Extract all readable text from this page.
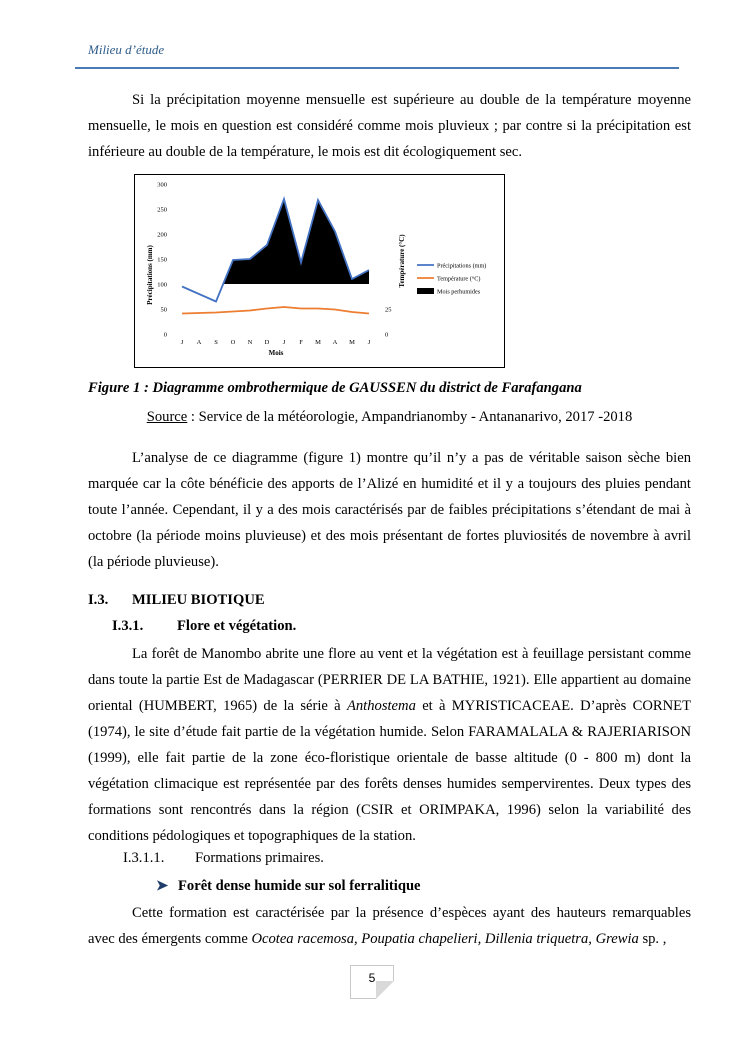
Milieu d’étude

Si la précipitation moyenne mensuelle est supérieure au double de la température moyenne mensuelle, le mois en question est considéré comme mois pluvieux ; par contre si la précipitation est inférieure au double de la température, le mois est dit écologiquement sec.

0
50
100
150
200
250
300
0
25
J A S O N D J F M A M J
Précipitations (mm)	Température (°C)
Mois
Précipitations (mm)
Température (°C)
Mois perhumides
Figure 1 : Diagramme ombrothermique de GAUSSEN du district de Farafangana
Source : Service de la météorologie, Ampandrianomby - Antananarivo, 2017 -2018

L’analyse de ce diagramme (figure 1) montre qu’il n’y a pas de véritable saison sèche bien marquée car la côte bénéficie des apports de l’Alizé en humidité et il y a toujours des pluies pendant toute l’année. Cependant, il y a des mois caractérisés par de faibles précipitations s’étendant de mai à octobre (la période moins pluvieuse) et des mois présentant de fortes pluviosités de novembre à avril (la période pluvieuse).

I.3. MILIEU BIOTIQUE
I.3.1. Flore et végétation.

La forêt de Manombo abrite une flore au vent et la végétation est à feuillage persistant comme dans toute la partie Est de Madagascar (PERRIER DE LA BATHIE, 1921). Elle appartient au domaine oriental (HUMBERT, 1965) de la série à Anthostema et à MYRISTICACEAE. D’après CORNET (1974), le site d’étude fait partie de la végétation humide. Selon FARAMALALA & RAJERIARISON (1999), elle fait partie de la zone éco-floristique orientale de basse altitude (0 - 800 m) dont la végétation climacique est représentée par des forêts denses humides sempervirentes. Deux types des formations sont rencontrés dans la région (CSIR et ORIMPAKA, 1996) selon la variabilité des conditions pédologiques et topographiques de la station.

I.3.1.1. Formations primaires.
➤ Forêt dense humide sur sol ferralitique

Cette formation est caractérisée par la présence d’espèces ayant des hauteurs remarquables avec des émergents comme Ocotea racemosa, Poupatia chapelieri, Dillenia triquetra, Grewia sp. ,

5
